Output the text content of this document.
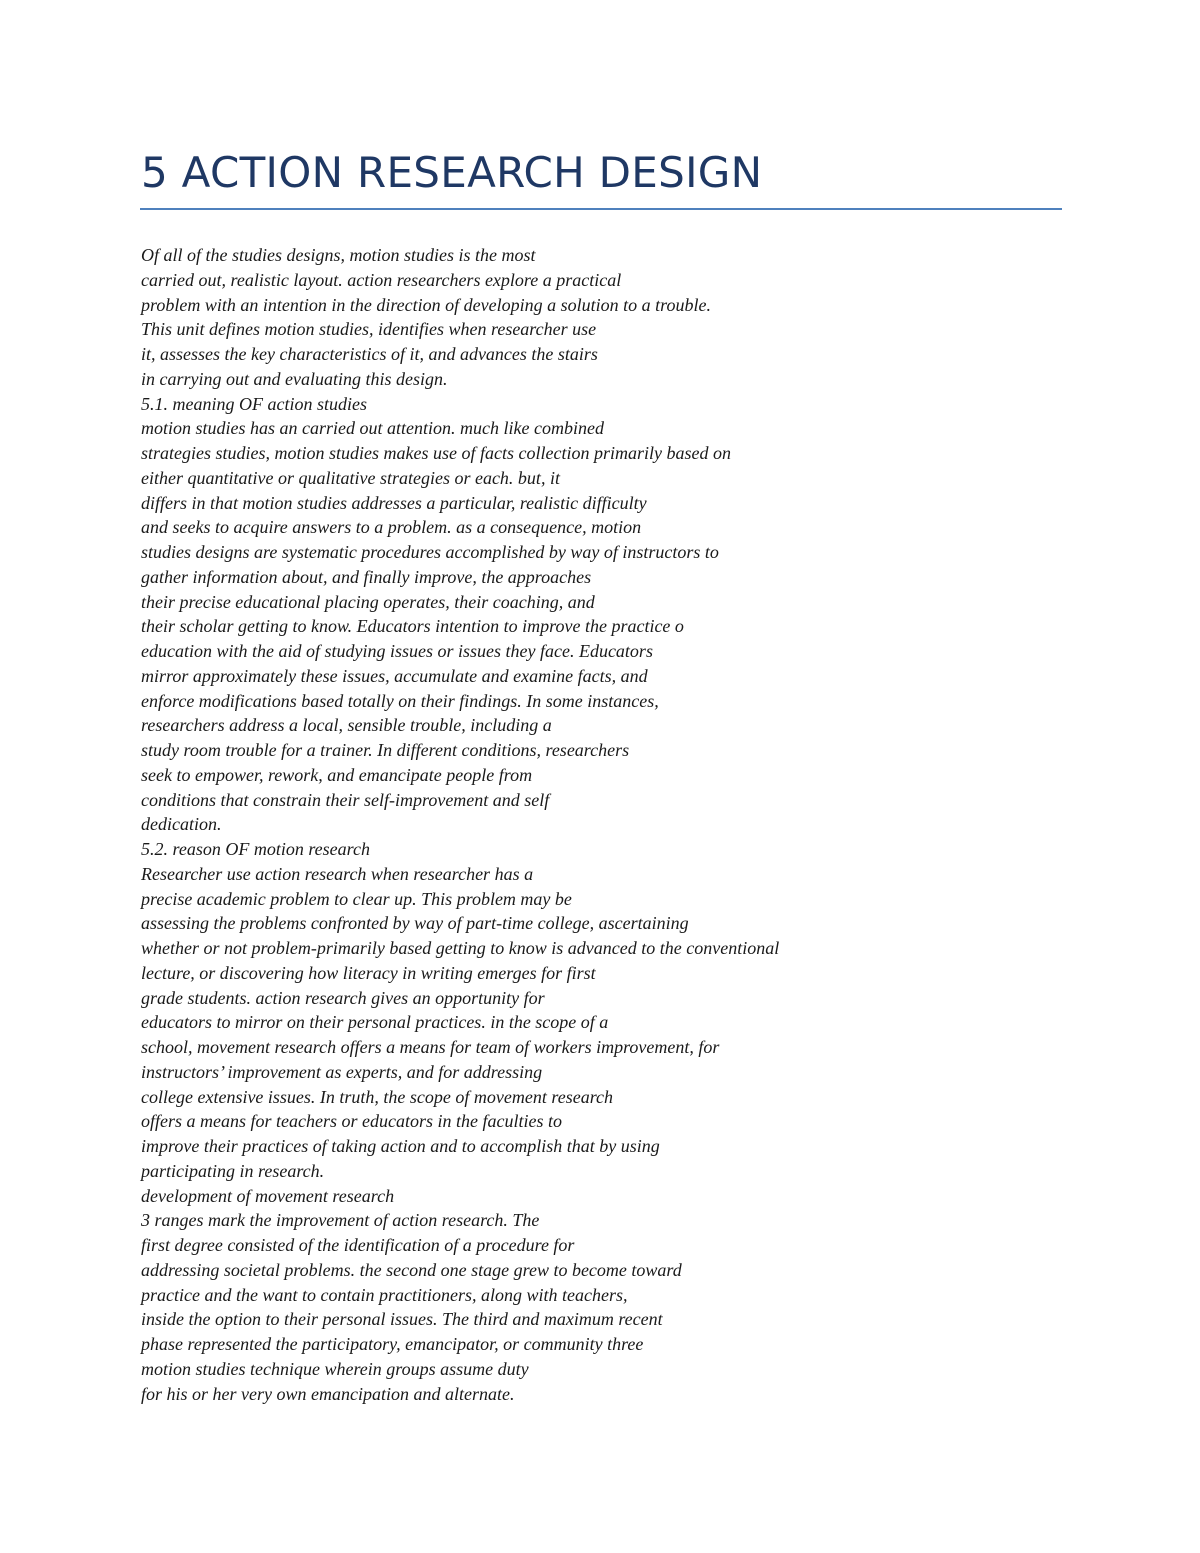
5 ACTION RESEARCH DESIGN
Of all of the studies designs, motion studies is the most
carried out, realistic layout. action researchers explore a practical
problem with an intention in the direction of developing a solution to a trouble.
This unit defines motion studies, identifies when researcher use
it, assesses the key characteristics of it, and advances the stairs
in carrying out and evaluating this design.
5.1. meaning OF action studies
motion studies has an carried out attention. much like combined
strategies studies, motion studies makes use of facts collection primarily based on
either quantitative or qualitative strategies or each. but, it
differs in that motion studies addresses a particular, realistic difficulty
and seeks to acquire answers to a problem. as a consequence, motion
studies designs are systematic procedures accomplished by way of instructors to
gather information about, and finally improve, the approaches
their precise educational placing operates, their coaching, and
their scholar getting to know. Educators intention to improve the practice o
education with the aid of studying issues or issues they face. Educators
mirror approximately these issues, accumulate and examine facts, and
enforce modifications based totally on their findings. In some instances,
researchers address a local, sensible trouble, including a
study room trouble for a trainer. In different conditions, researchers
seek to empower, rework, and emancipate people from
conditions that constrain their self-improvement and self
dedication.
5.2. reason OF motion research
Researcher use action research when researcher has a
precise academic problem to clear up. This problem may be
assessing the problems confronted by way of part-time college, ascertaining
whether or not problem-primarily based getting to know is advanced to the conventional
lecture, or discovering how literacy in writing emerges for first
grade students. action research gives an opportunity for
educators to mirror on their personal practices. in the scope of a
school, movement research offers a means for team of workers improvement, for
instructors’ improvement as experts, and for addressing
college extensive issues. In truth, the scope of movement research
offers a means for teachers or educators in the faculties to
improve their practices of taking action and to accomplish that by using
participating in research.
development of movement research
3 ranges mark the improvement of action research. The
first degree consisted of the identification of a procedure for
addressing societal problems. the second one stage grew to become toward
practice and the want to contain practitioners, along with teachers,
inside the option to their personal issues. The third and maximum recent
phase represented the participatory, emancipator, or community three
motion studies technique wherein groups assume duty
for his or her very own emancipation and alternate.
